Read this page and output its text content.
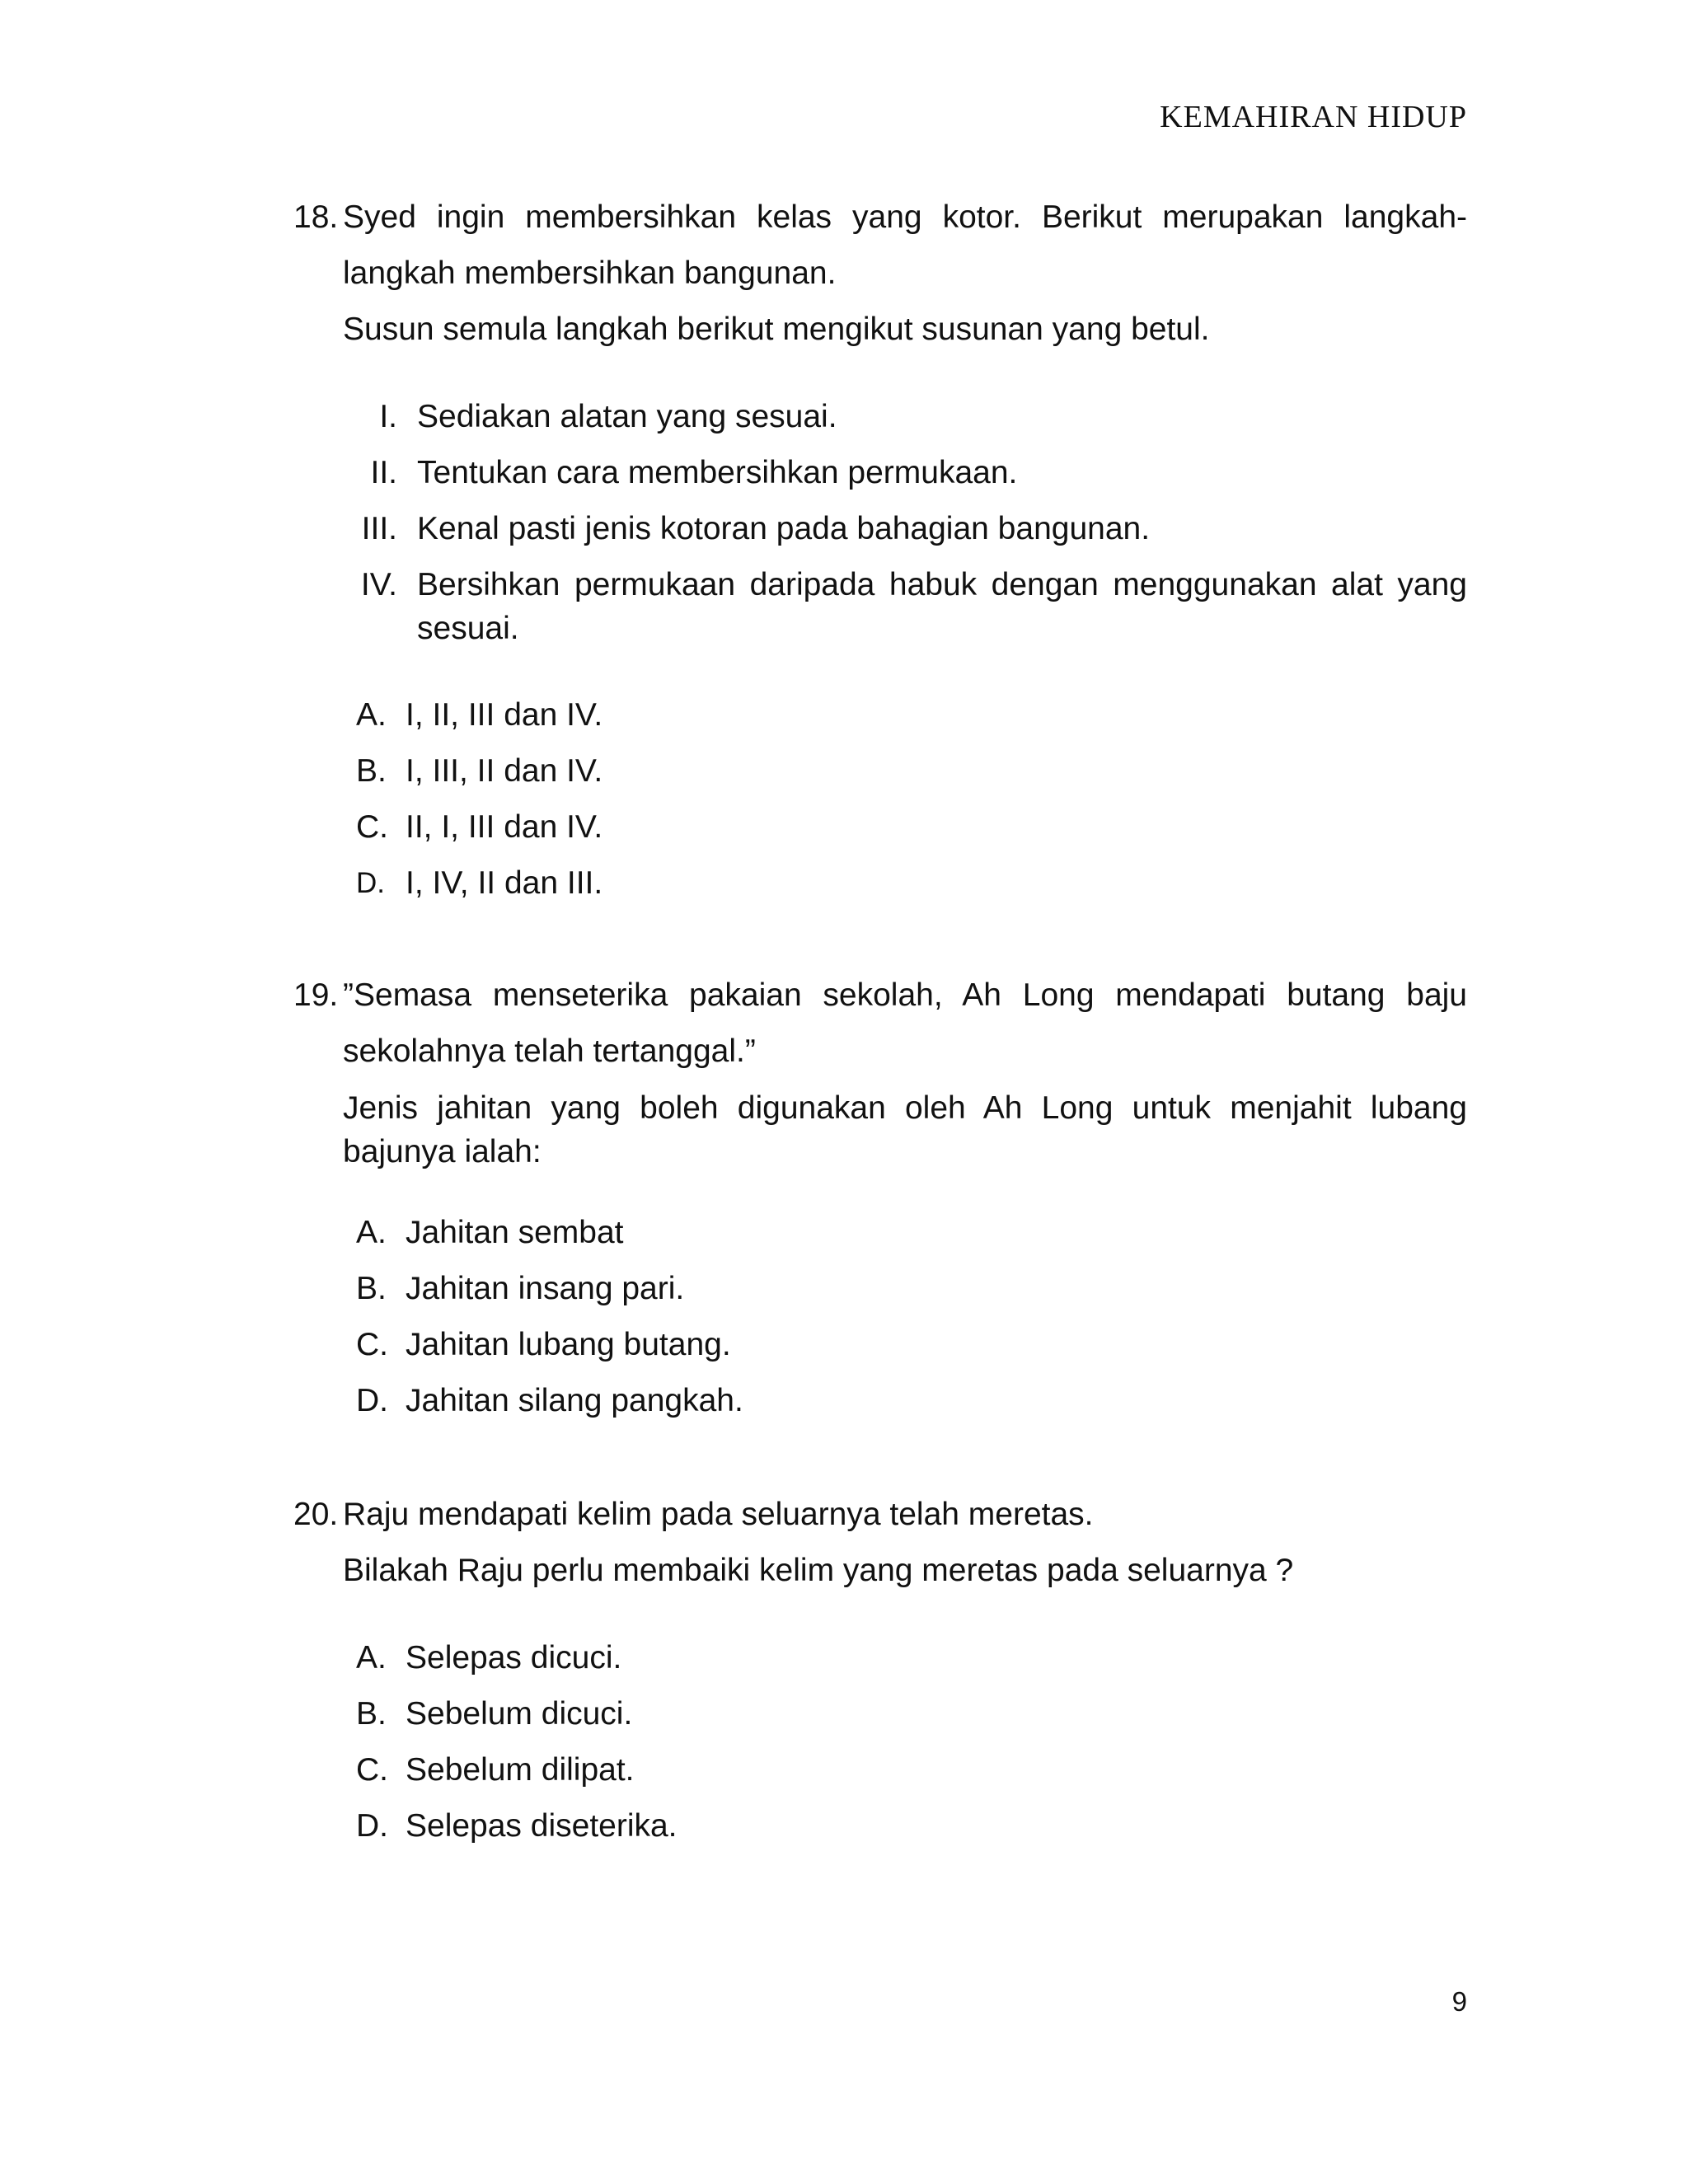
KEMAHIRAN HIDUP
18. Syed ingin membersihkan kelas yang kotor. Berikut merupakan langkah-

langkah membersihkan bangunan.

Susun semula langkah berikut mengikut susunan yang betul.

I. Sediakan alatan yang sesuai.
II. Tentukan cara membersihkan permukaan.
III. Kenal pasti jenis kotoran pada bahagian bangunan.
IV. Bersihkan permukaan daripada habuk dengan menggunakan alat yang sesuai.
A. I, II, III dan IV.
B. I, III, II dan IV.
C. II, I, III dan IV.
D. I, IV, II dan III.
19. ”Semasa menseterika pakaian sekolah, Ah Long mendapati butang baju

sekolahnya telah tertanggal.”

Jenis jahitan yang boleh digunakan oleh Ah Long untuk menjahit lubang bajunya ialah:

A. Jahitan sembat
B. Jahitan insang pari.
C. Jahitan lubang butang.
D. Jahitan silang pangkah.
20. Raju mendapati kelim pada seluarnya telah meretas.

Bilakah Raju perlu membaiki kelim yang meretas pada seluarnya ?

A. Selepas dicuci.
B. Sebelum dicuci.
C. Sebelum dilipat.
D. Selepas diseterika.
9
